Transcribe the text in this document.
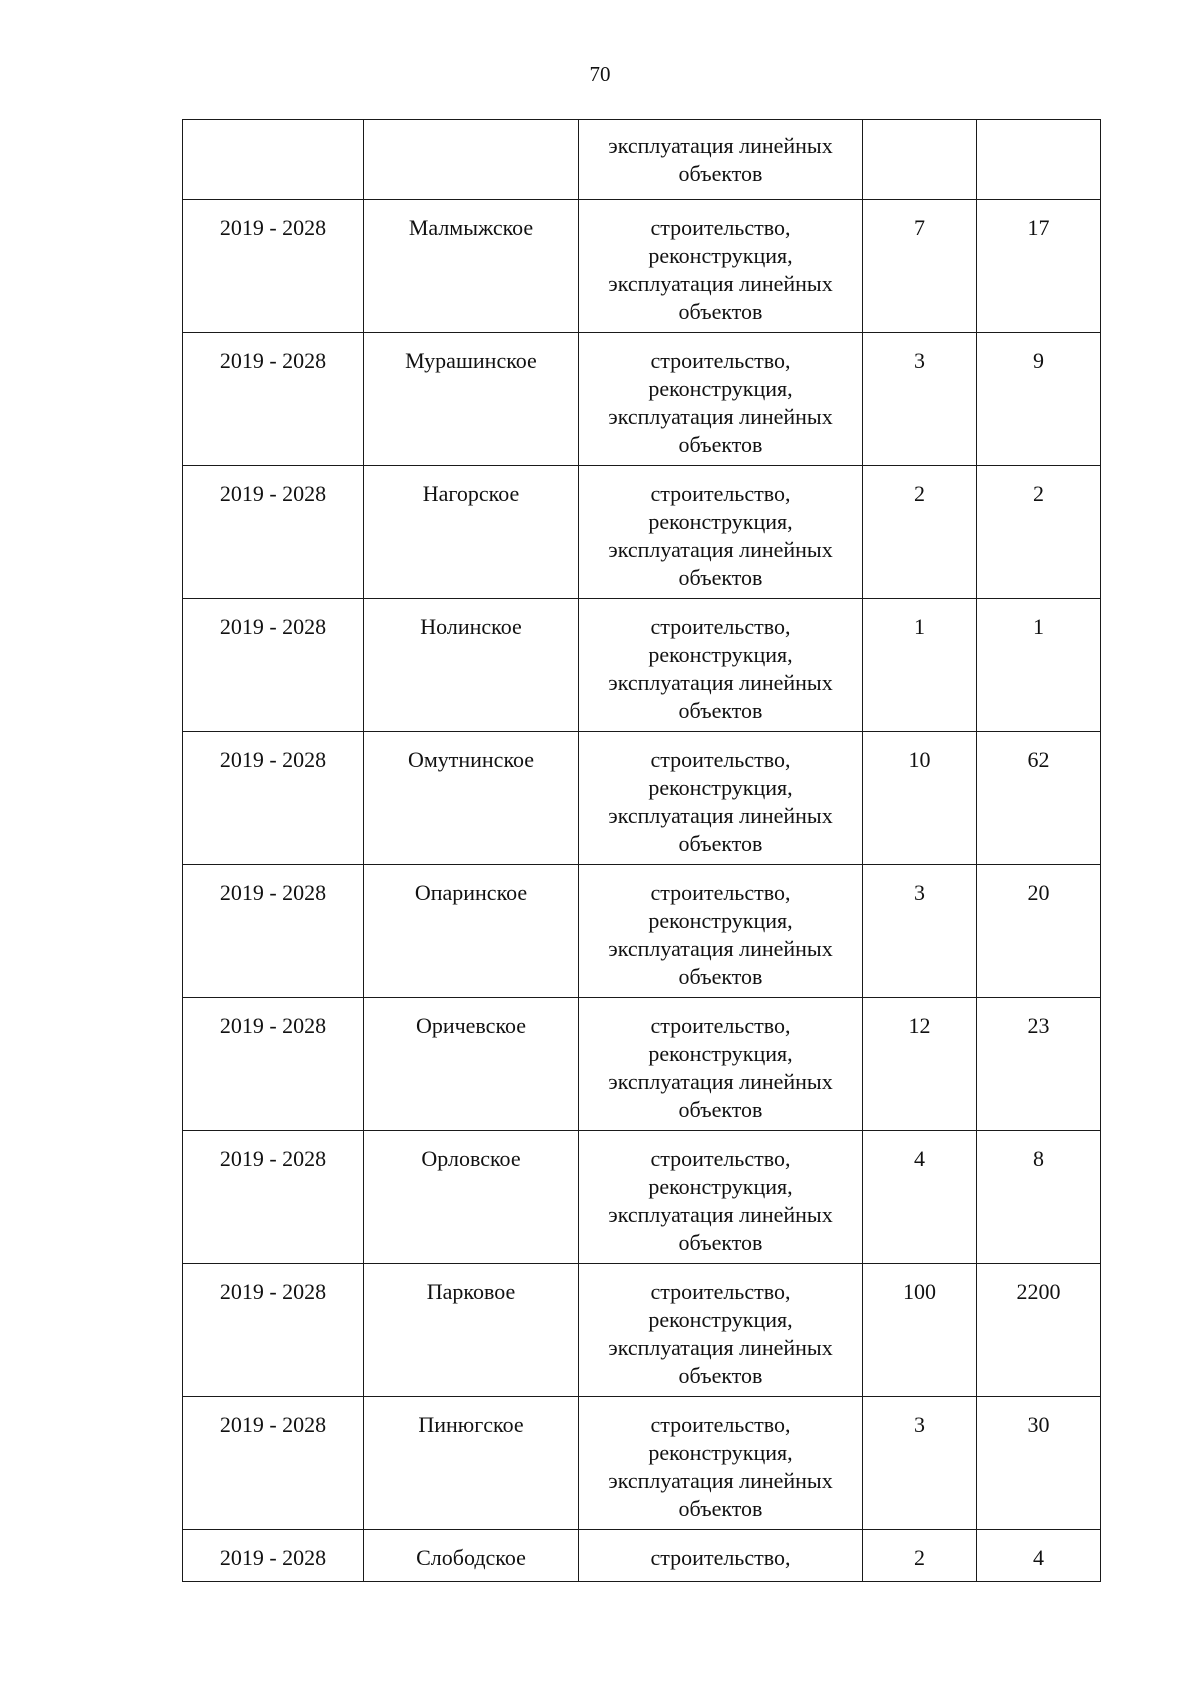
70

		эксплуатация линейных
объектов		

2019 - 2028	Малмыжское	строительство,
реконструкция,
эксплуатация линейных
объектов	7	17
2019 - 2028	Мурашинское	строительство,
реконструкция,
эксплуатация линейных
объектов	3	9
2019 - 2028	Нагорское	строительство,
реконструкция,
эксплуатация линейных
объектов	2	2
2019 - 2028	Нолинское	строительство,
реконструкция,
эксплуатация линейных
объектов	1	1
2019 - 2028	Омутнинское	строительство,
реконструкция,
эксплуатация линейных
объектов	10	62
2019 - 2028	Опаринское	строительство,
реконструкция,
эксплуатация линейных
объектов	3	20
2019 - 2028	Оричевское	строительство,
реконструкция,
эксплуатация линейных
объектов	12	23
2019 - 2028	Орловское	строительство,
реконструкция,
эксплуатация линейных
объектов	4	8
2019 - 2028	Парковое	строительство,
реконструкция,
эксплуатация линейных
объектов	100	2200
2019 - 2028	Пинюгское	строительство,
реконструкция,
эксплуатация линейных
объектов	3	30
2019 - 2028	Слободское	строительство,	2	4
